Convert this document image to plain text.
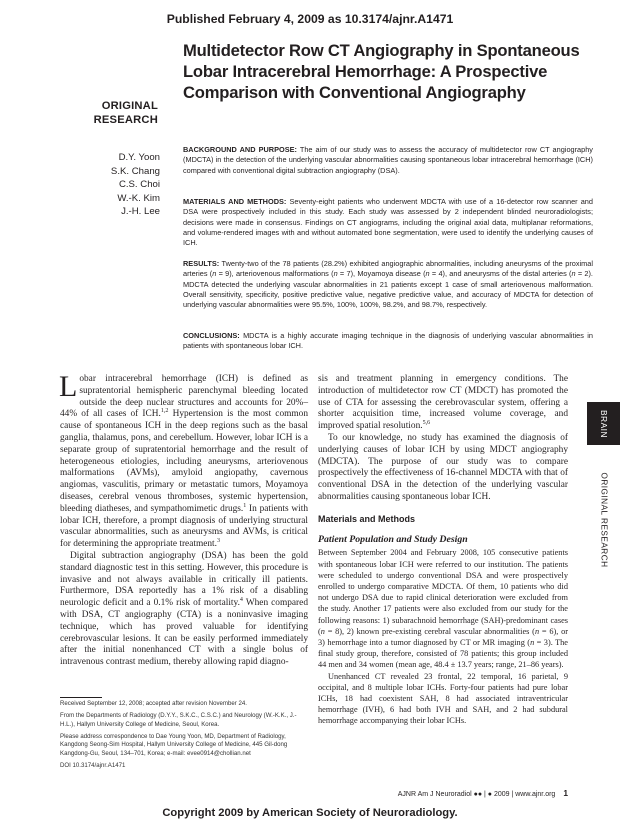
Published February 4, 2009 as 10.3174/ajnr.A1471
ORIGINAL
RESEARCH
D.Y. Yoon
S.K. Chang
C.S. Choi
W.-K. Kim
J.-H. Lee
Multidetector Row CT Angiography in Spontaneous Lobar Intracerebral Hemorrhage: A Prospective Comparison with Conventional Angiography

BACKGROUND AND PURPOSE: The aim of our study was to assess the accuracy of multidetector row CT angiography (MDCTA) in the detection of the underlying vascular abnormalities causing spontaneous lobar intracerebral hemorrhage (ICH) compared with conventional digital subtraction angiography (DSA).

MATERIALS AND METHODS: Seventy-eight patients who underwent MDCTA with use of a 16-detector row scanner and DSA were prospectively included in this study. Each study was assessed by 2 independent blinded neuroradiologists; decisions were made in consensus. Findings on CT angiograms, including the original axial data, multiplanar reformations, and volume-rendered images with and without automated bone segmentation, were used to identify the underlying causes of ICH.

RESULTS: Twenty-two of the 78 patients (28.2%) exhibited angiographic abnormalities, including aneurysms of the proximal arteries (n = 9), arteriovenous malformations (n = 7), Moyamoya disease (n = 4), and aneurysms of the distal arteries (n = 2). MDCTA detected the underlying vascular abnormalities in 21 patients except 1 case of small arteriovenous malformation. Overall sensitivity, specificity, positive predictive value, negative predictive value, and accuracy of MDCTA for detection of underlying vascular abnormalities were 95.5%, 100%, 100%, 98.2%, and 98.7%, respectively.

CONCLUSIONS: MDCTA is a highly accurate imaging technique in the diagnosis of underlying vascular abnormalities in patients with spontaneous lobar ICH.

Lobar intracerebral hemorrhage (ICH) is defined as supratentorial hemispheric parenchymal bleeding located outside the deep nuclear structures and accounts for 20%–44% of all cases of ICH.$^{1,2}$ Hypertension is the most common cause of spontaneous ICH in the deep regions such as the basal ganglia, thalamus, pons, and cerebellum. However, lobar ICH is a separate group of supratentorial hemorrhage and the result of heterogeneous etiologies, including aneurysms, arteriovenous malformations (AVMs), amyloid angiopathy, cavernous angiomas, vasculitis, primary or metastatic tumors, Moyamoya diseases, cerebral venous thromboses, systemic hypertension, bleeding diatheses, and sympathomimetic drugs.$^1$ In patients with lobar ICH, therefore, a prompt diagnosis of underlying structural vascular abnormalities, such as aneurysms and AVMs, is critical for determining the appropriate treatment.$^3$

Digital subtraction angiography (DSA) has been the gold standard diagnostic test in this setting. However, this procedure is invasive and not always available in critically ill patients. Furthermore, DSA reportedly has a 1% risk of a disabling neurologic deficit and a 0.1% risk of mortality.$^4$ When compared with DSA, CT angiography (CTA) is a noninvasive imaging technique, which has proved valuable for identifying cerebrovascular lesions. It can be easily performed immediately after the initial nonenhanced CT with a single bolus of intravenous contrast medium, thereby allowing rapid diagno-

Received September 12, 2008; accepted after revision November 24.

From the Departments of Radiology (D.Y.Y., S.K.C., C.S.C.) and Neurology (W.-K.K., J.-H.L.), Hallym University College of Medicine, Seoul, Korea.

Please address correspondence to Dae Young Yoon, MD, Department of Radiology, Kangdong Seong-Sim Hospital, Hallym University College of Medicine, 445 Gil-dong Kangdong-Gu, Seoul, 134–701, Korea; e-mail: evee0914@chollian.net

DOI 10.3174/ajnr.A1471

sis and treatment planning in emergency conditions. The introduction of multidetector row CT (MDCT) has promoted the use of CTA for assessing the cerebrovascular system, offering a shorter acquisition time, increased volume coverage, and improved spatial resolution.$^{5,6}$

To our knowledge, no study has examined the diagnosis of underlying causes of lobar ICH by using MDCT angiography (MDCTA). The purpose of our study was to compare prospectively the effectiveness of 16-channel MDCTA with that of conventional DSA in the detection of the underlying vascular abnormalities causing spontaneous lobar ICH.

Materials and Methods

Patient Population and Study Design

Between September 2004 and February 2008, 105 consecutive patients with spontaneous lobar ICH were referred to our institution. The patients were scheduled to undergo conventional DSA and were prospectively enrolled to undergo comparative MDCTA. Of them, 10 patients who did not undergo DSA due to rapid clinical deterioration were excluded from the study. Another 17 patients were also excluded from our study for the following reasons: 1) subarachnoid hemorrhage (SAH)-predominant cases (n = 8), 2) known pre-existing cerebral vascular abnormalities (n = 6), or 3) hemorrhage into a tumor diagnosed by CT or MR imaging (n = 3). The final study group, therefore, consisted of 78 patients; this group included 44 men and 34 women (mean age, 48.4 ± 13.7 years; range, 21–86 years).

Unenhanced CT revealed 23 frontal, 22 temporal, 16 parietal, 9 occipital, and 8 multiple lobar ICHs. Forty-four patients had pure lobar ICHs, 18 had coexistent SAH, 8 had associated intraventricular hemorrhage (IVH), 6 had both IVH and SAH, and 2 had subdural hemorrhage accompanying their lobar ICHs.

BRAIN
ORIGINAL RESEARCH
AJNR Am J Neuroradiol ●● | ● 2009 | www.ajnr.org 1
Copyright 2009 by American Society of Neuroradiology.
